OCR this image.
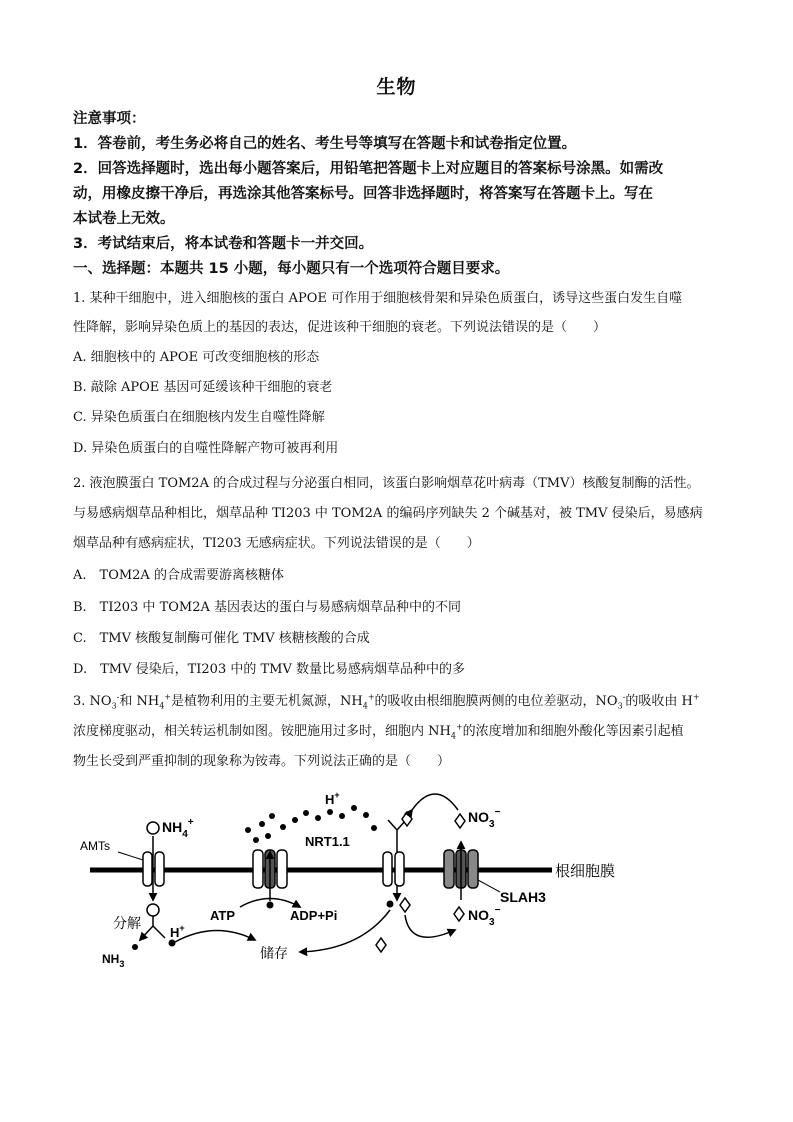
生物
注意事项：
1．答卷前，考生务必将自己的姓名、考生号等填写在答题卡和试卷指定位置。
2．回答选择题时，选出每小题答案后，用铅笔把答题卡上对应题目的答案标号涂黑。如需改
动，用橡皮擦干净后，再选涂其他答案标号。回答非选择题时，将答案写在答题卡上。写在
本试卷上无效。
3．考试结束后，将本试卷和答题卡一并交回。
一、选择题：本题共 15 小题，每小题只有一个选项符合题目要求。
1. 某种干细胞中，进入细胞核的蛋白 APOE 可作用于细胞核骨架和异染色质蛋白，诱导这些蛋白发生自噬
性降解，影响异染色质上的基因的表达，促进该种干细胞的衰老。下列说法错误的是（　　）
A. 细胞核中的 APOE 可改变细胞核的形态
B. 敲除 APOE 基因可延缓该种干细胞的衰老
C. 异染色质蛋白在细胞核内发生自噬性降解
D. 异染色质蛋白的自噬性降解产物可被再利用
2. 液泡膜蛋白 TOM2A 的合成过程与分泌蛋白相同，该蛋白影响烟草花叶病毒（TMV）核酸复制酶的活性。
与易感病烟草品种相比，烟草品种 TI203 中 TOM2A 的编码序列缺失 2 个碱基对，被 TMV 侵染后，易感病
烟草品种有感病症状，TI203 无感病症状。下列说法错误的是（　　）
A.　TOM2A 的合成需要游离核糖体
B.　TI203 中 TOM2A 基因表达的蛋白与易感病烟草品种中的不同
C.　TMV 核酸复制酶可催化 TMV 核糖核酸的合成
D.　TMV 侵染后，TI203 中的 TMV 数量比易感病烟草品种中的多
3. $NO_3^-$和 $NH_4^+$是植物利用的主要无机氮源，$NH_4^+$的吸收由根细胞膜两侧的电位差驱动，$NO_3^-$的吸收由 H+
浓度梯度驱动，相关转运机制如图。铵肥施用过多时，细胞内 $NH_4^+$的浓度增加和细胞外酸化等因素引起植
物生长受到严重抑制的现象称为铵毒。下列说法正确的是（　　）
根细胞膜
AMTs
$NH_4^+$
分解
H+
$NH_3$
ATP	ADP+Pi
H+
NRT1.1
$NO_3^-$
SLAH3
$NO_3^-$
储存
